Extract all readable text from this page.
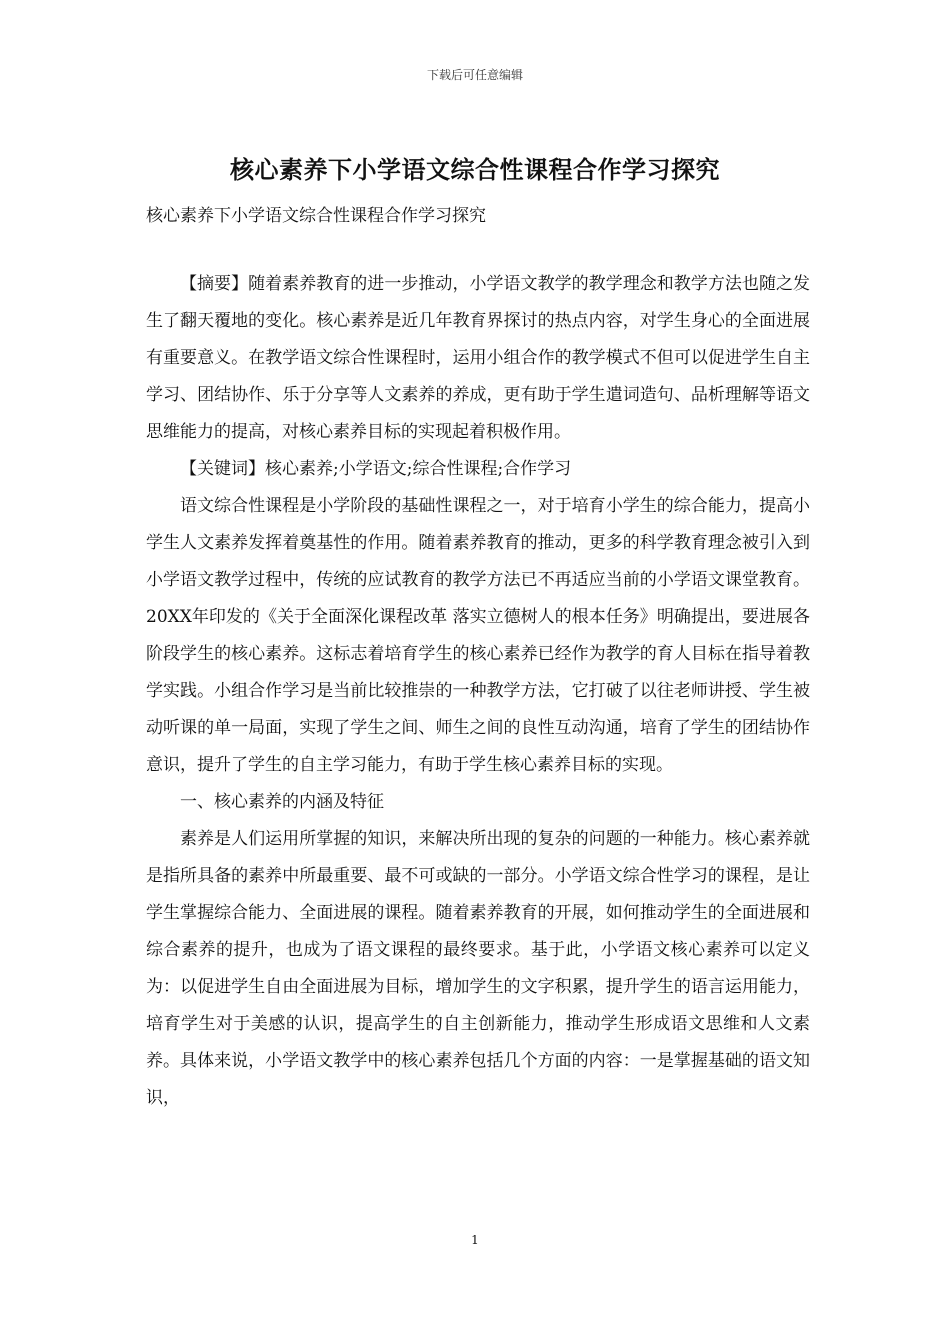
下载后可任意编辑
核心素养下小学语文综合性课程合作学习探究
核心素养下小学语文综合性课程合作学习探究

【摘要】随着素养教育的进一步推动，小学语文教学的教学理念和教学方法也随之发生了翻天覆地的变化。核心素养是近几年教育界探讨的热点内容，对学生身心的全面进展有重要意义。在教学语文综合性课程时，运用小组合作的教学模式不但可以促进学生自主学习、团结协作、乐于分享等人文素养的养成，更有助于学生遣词造句、品析理解等语文思维能力的提高，对核心素养目标的实现起着积极作用。

【关键词】核心素养;小学语文;综合性课程;合作学习

语文综合性课程是小学阶段的基础性课程之一，对于培育小学生的综合能力，提高小学生人文素养发挥着奠基性的作用。随着素养教育的推动，更多的科学教育理念被引入到小学语文教学过程中，传统的应试教育的教学方法已不再适应当前的小学语文课堂教育。20XX年印发的《关于全面深化课程改革 落实立德树人的根本任务》明确提出，要进展各阶段学生的核心素养。这标志着培育学生的核心素养已经作为教学的育人目标在指导着教学实践。小组合作学习是当前比较推崇的一种教学方法，它打破了以往老师讲授、学生被动听课的单一局面，实现了学生之间、师生之间的良性互动沟通，培育了学生的团结协作意识，提升了学生的自主学习能力，有助于学生核心素养目标的实现。

一、核心素养的内涵及特征

素养是人们运用所掌握的知识，来解决所出现的复杂的问题的一种能力。核心素养就是指所具备的素养中所最重要、最不可或缺的一部分。小学语文综合性学习的课程，是让学生掌握综合能力、全面进展的课程。随着素养教育的开展，如何推动学生的全面进展和综合素养的提升，也成为了语文课程的最终要求。基于此，小学语文核心素养可以定义为：以促进学生自由全面进展为目标，增加学生的文字积累，提升学生的语言运用能力，培育学生对于美感的认识，提高学生的自主创新能力，推动学生形成语文思维和人文素养。具体来说，小学语文教学中的核心素养包括几个方面的内容：一是掌握基础的语文知识，

1
